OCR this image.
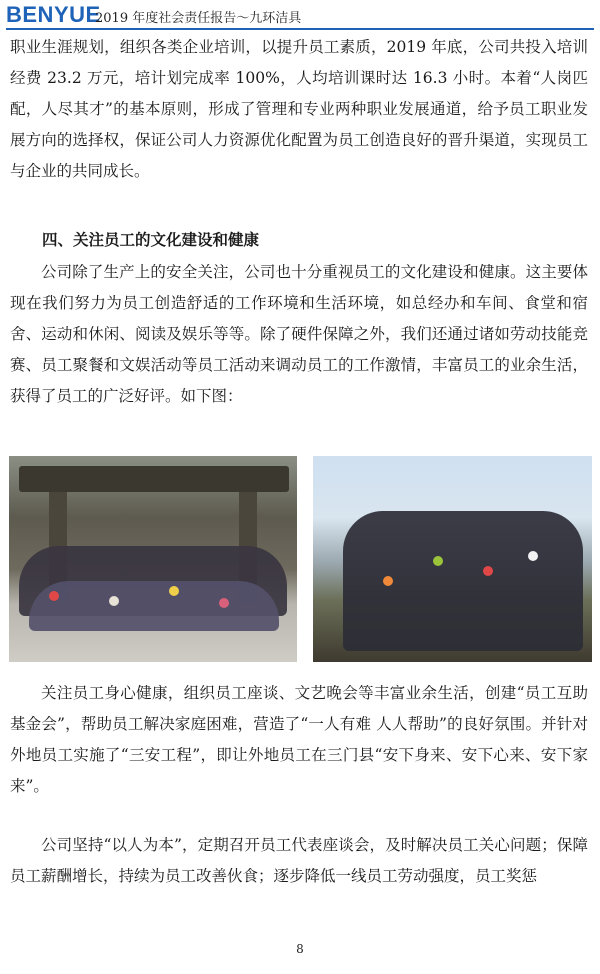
BENYUE
2019 年度社会责任报告～九环洁具

职业生涯规划，组织各类企业培训，以提升员工素质，2019 年底，公司共投入培训经费 23.2 万元，培计划完成率 100%，人均培训课时达 16.3 小时。本着“人岗匹配，人尽其才”的基本原则，形成了管理和专业两种职业发展通道，给予员工职业发展方向的选择权，保证公司人力资源优化配置为员工创造良好的晋升渠道，实现员工与企业的共同成长。

四、关注员工的文化建设和健康

公司除了生产上的安全关注，公司也十分重视员工的文化建设和健康。这主要体现在我们努力为员工创造舒适的工作环境和生活环境，如总经办和车间、食堂和宿舍、运动和休闲、阅读及娱乐等等。除了硬件保障之外，我们还通过诸如劳动技能竞赛、员工聚餐和文娱活动等员工活动来调动员工的工作激情，丰富员工的业余生活，获得了员工的广泛好评。如下图：

关注员工身心健康，组织员工座谈、文艺晚会等丰富业余生活，创建“员工互助基金会”，帮助员工解决家庭困难，营造了“一人有难 人人帮助”的良好氛围。并针对外地员工实施了“三安工程”，即让外地员工在三门县“安下身来、安下心来、安下家来”。

公司坚持“以人为本”，定期召开员工代表座谈会，及时解决员工关心问题；保障员工薪酬增长，持续为员工改善伙食；逐步降低一线员工劳动强度，员工奖惩

8
